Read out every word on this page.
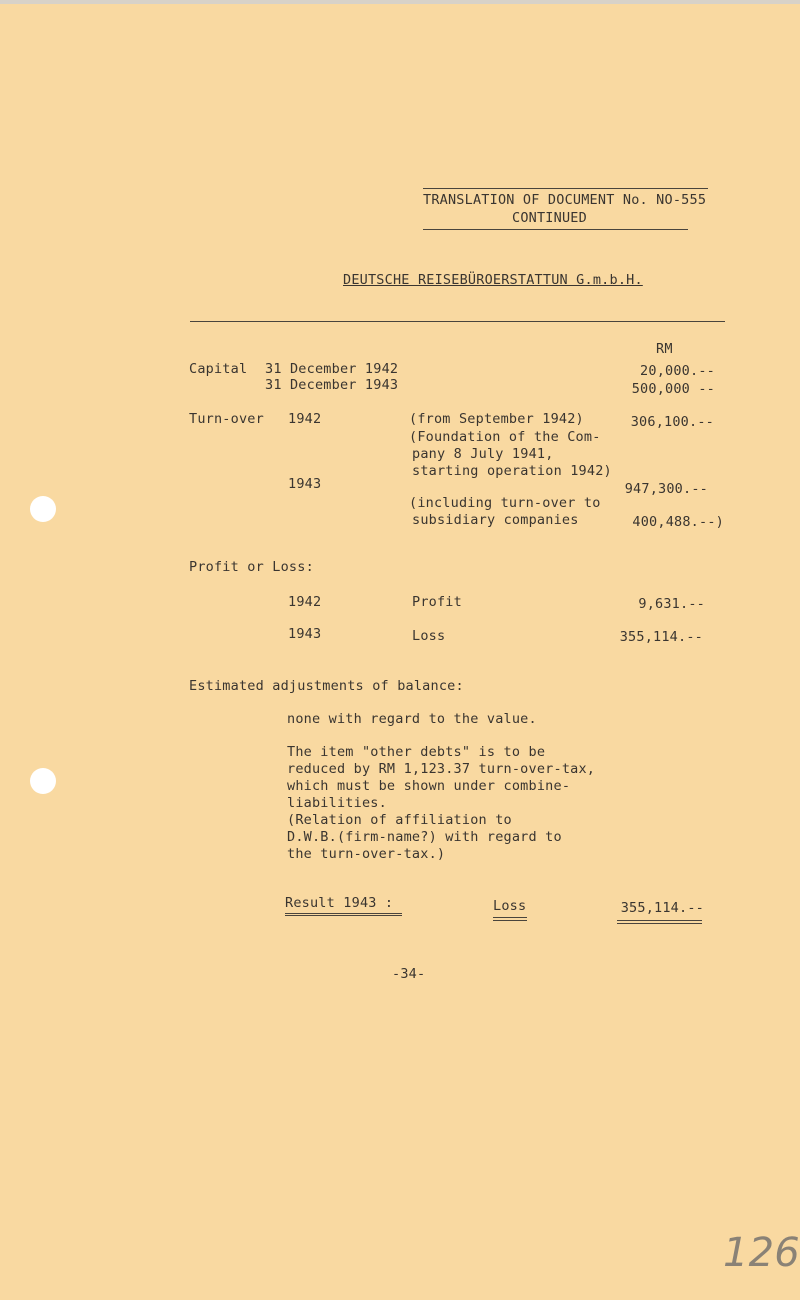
TRANSLATION OF DOCUMENT No. NO-555
CONTINUED
DEUTSCHE REISEBÜROERSTATTUN G.m.b.H.
RM
Capital 31 December 1942	20,000.--
31 December 1943	500,000 --
Turn-over 1942	(from September 1942)	306,100.--
(Foundation of the Com-
pany 8 July 1941,
starting operation 1942)
1943	947,300.--
(including turn-over to
subsidiary companies	400,488.--)
Profit or Loss:
1942	Profit	9,631.--
1943	Loss	355,114.--
Estimated adjustments of balance:
none with regard to the value.
The item "other debts" is to be
reduced by RM 1,123.37 turn-over-tax,
which must be shown under combine-
liabilities.
(Relation of affiliation to
D.W.B.(firm-name?) with regard to
the turn-over-tax.)
Result 1943 :	Loss	355,114.--
-34-
126
